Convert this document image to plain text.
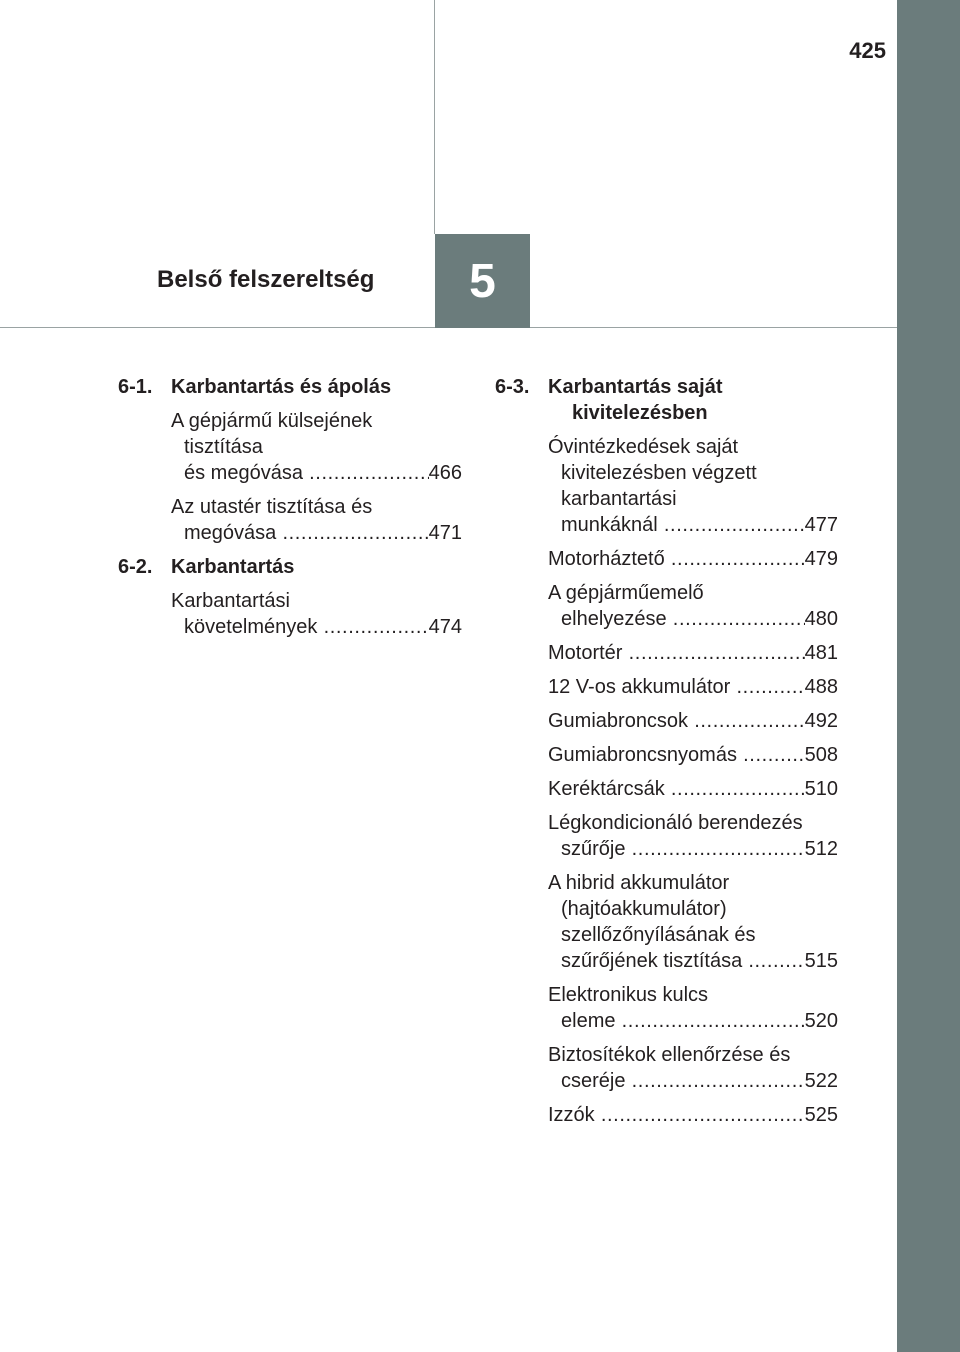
425
5
Belső felszereltség
6-1. Karbantartás és ápolás
A gépjármű külsejének tisztítása
és megóvása .....	466
Az utastér tisztítása és
megóvása .....	471
6-2. Karbantartás
Karbantartási
követelmények .....	474
6-3. Karbantartás saját kivitelezésben
Óvintézkedések saját kivitelezésben végzett karbantartási
munkáknál .....	477
Motorháztető .....	479
A gépjárműemelő
elhelyezése .....	480
Motortér .....	481
12 V-os akkumulátor .....	488
Gumiabroncsok .....	492
Gumiabroncsnyomás .....	508
Keréktárcsák .....	510
Légkondicionáló berendezés
szűrője .....	512
A hibrid akkumulátor (hajtóakkumulátor) szellőzőnyílásának és
szűrőjének tisztítása .....	515
Elektronikus kulcs
eleme .....	520
Biztosítékok ellenőrzése és
cseréje .....	522
Izzók .....	525
